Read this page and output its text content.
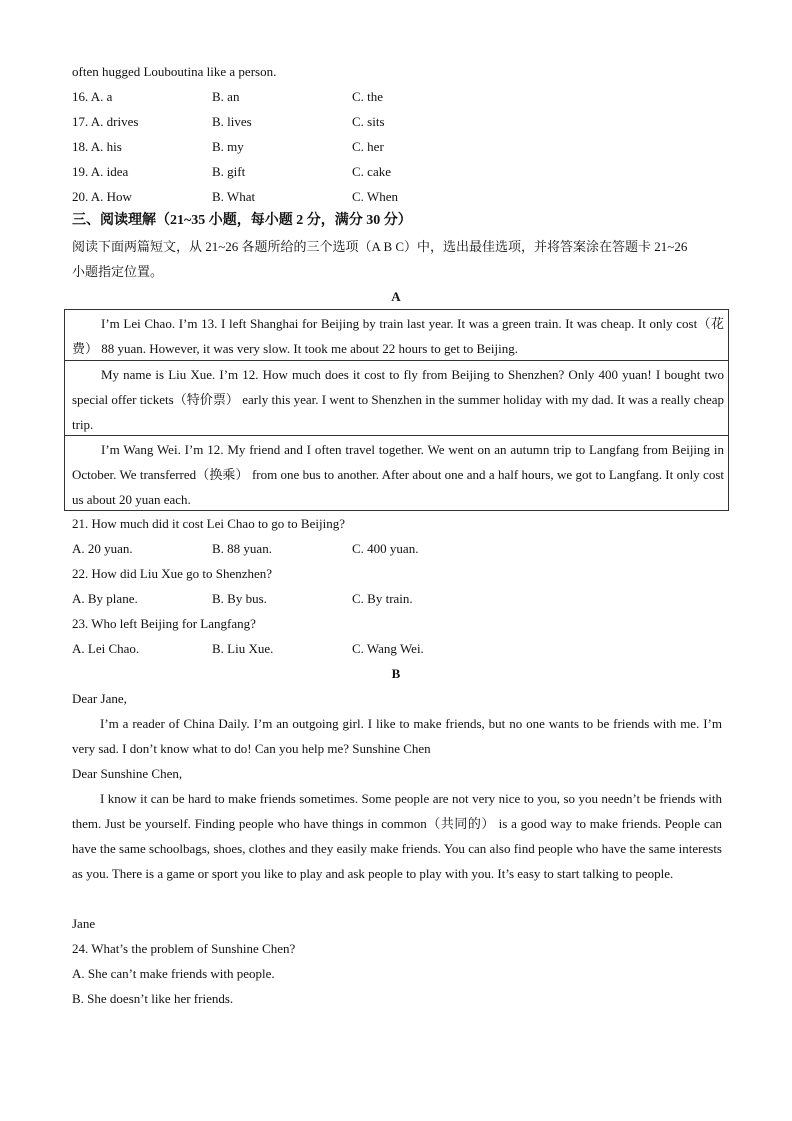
often hugged Louboutina like a person.
16. A. a	B. an	C. the
17. A. drives	B. lives	C. sits
18. A. his	B. my	C. her
19. A. idea	B. gift	C. cake
20. A. How	B. What	C. When
三、阅读理解（21~35 小题，每小题 2 分，满分 30 分）
阅读下面两篇短文，从 21~26 各题所给的三个选项（A B C）中，选出最佳选项，并将答案涂在答题卡 21~26
小题指定位置。
A
I’m Lei Chao. I’m 13. I left Shanghai for Beijing by train last year. It was a green train. It was cheap. It only cost（花费） 88 yuan. However, it was very slow. It took me about 22 hours to get to Beijing.
My name is Liu Xue. I’m 12. How much does it cost to fly from Beijing to Shenzhen? Only 400 yuan! I bought two special offer tickets（特价票） early this year. I went to Shenzhen in the summer holiday with my dad. It was a really cheap trip.
I’m Wang Wei. I’m 12. My friend and I often travel together. We went on an autumn trip to Langfang from Beijing in October. We transferred（换乘） from one bus to another. After about one and a half hours, we got to Langfang. It only cost us about 20 yuan each.
21. How much did it cost Lei Chao to go to Beijing?
A. 20 yuan.	B. 88 yuan.	C. 400 yuan.
22. How did Liu Xue go to Shenzhen?
A. By plane.	B. By bus.	C. By train.
23. Who left Beijing for Langfang?
A. Lei Chao.	B. Liu Xue.	C. Wang Wei.
B
Dear Jane,
I’m a reader of China Daily. I’m an outgoing girl. I like to make friends, but no one wants to be friends with me. I’m very sad. I don’t know what to do! Can you help me? Sunshine Chen
Dear Sunshine Chen,
I know it can be hard to make friends sometimes. Some people are not very nice to you, so you needn’t be friends with them. Just be yourself. Finding people who have things in common（共同的） is a good way to make friends. People can have the same schoolbags, shoes, clothes and they easily make friends. You can also find people who have the same interests as you. There is a game or sport you like to play and ask people to play with you. It’s easy to start talking to people.
Jane
24. What’s the problem of Sunshine Chen?
A. She can’t make friends with people.
B. She doesn’t like her friends.
